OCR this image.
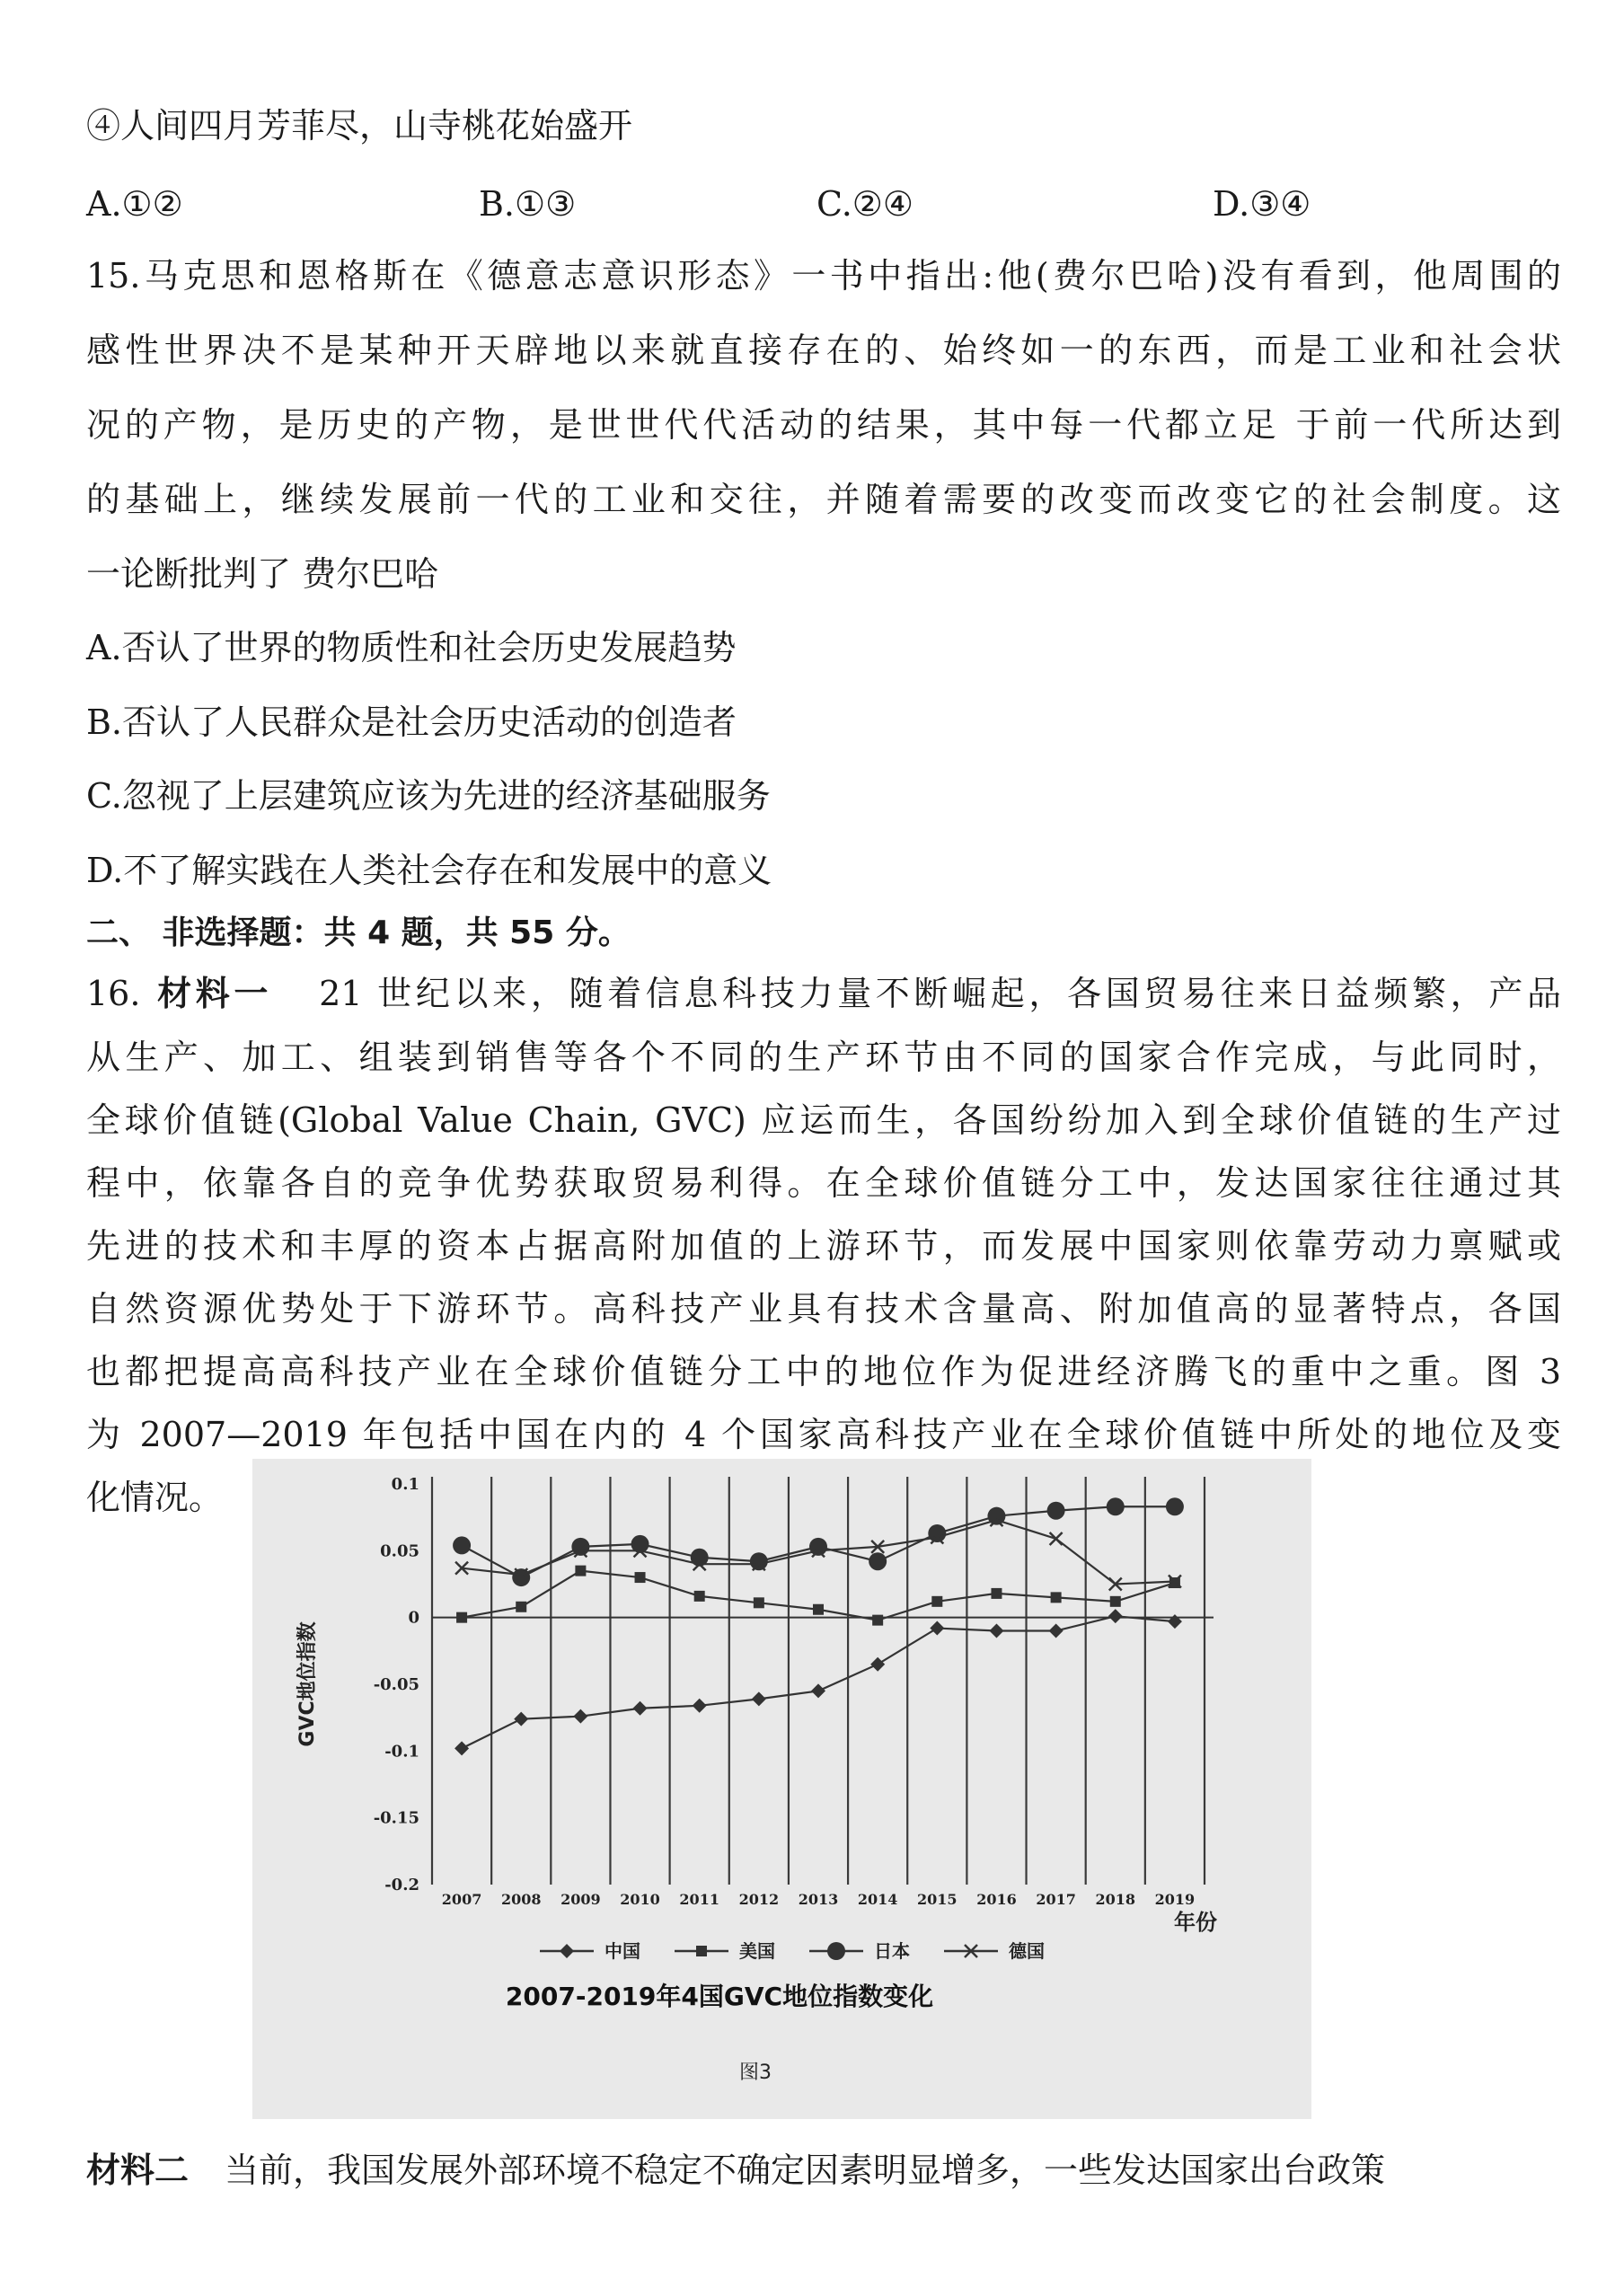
④人间四月芳菲尽，山寺桃花始盛开
A.①②	B.①③	C.②④	D.③④
15.马克思和恩格斯在《德意志意识形态》一书中指出:他(费尔巴哈)没有看到，他周围的
感性世界决不是某种开天辟地以来就直接存在的、始终如一的东西，而是工业和社会状
况的产物，是历史的产物，是世世代代活动的结果，其中每一代都立足 于前一代所达到
的基础上，继续发展前一代的工业和交往，并随着需要的改变而改变它的社会制度。这
一论断批判了 费尔巴哈
A.否认了世界的物质性和社会历史发展趋势
B.否认了人民群众是社会历史活动的创造者
C.忽视了上层建筑应该为先进的经济基础服务
D.不了解实践在人类社会存在和发展中的意义
二、 非选择题：共 4 题，共 55 分。
16. 材料一 21 世纪以来，随着信息科技力量不断崛起，各国贸易往来日益频繁，产品
从生产、加工、组装到销售等各个不同的生产环节由不同的国家合作完成，与此同时，
全球价值链(Global Value Chain, GVC) 应运而生，各国纷纷加入到全球价值链的生产过
程中，依靠各自的竞争优势获取贸易利得。在全球价值链分工中，发达国家往往通过其
先进的技术和丰厚的资本占据高附加值的上游环节，而发展中国家则依靠劳动力禀赋或
自然资源优势处于下游环节。高科技产业具有技术含量高、附加值高的显著特点，各国
也都把提高高科技产业在全球价值链分工中的地位作为促进经济腾飞的重中之重。图 3
为 2007—2019 年包括中国在内的 4 个国家高科技产业在全球价值链中所处的地位及变
化情况。	0.1
0.05
0
-0.05
-0.1
-0.15
-0.2
GVC地位指数
2007 2008 2009 2010 2011 2012 2013 2014 2015 2016 2017 2018 2019
年份
中国	美国	日本	德国
2007-2019年4国GVC地位指数变化
图3
材料二 当前，我国发展外部环境不稳定不确定因素明显增多，一些发达国家出台政策
